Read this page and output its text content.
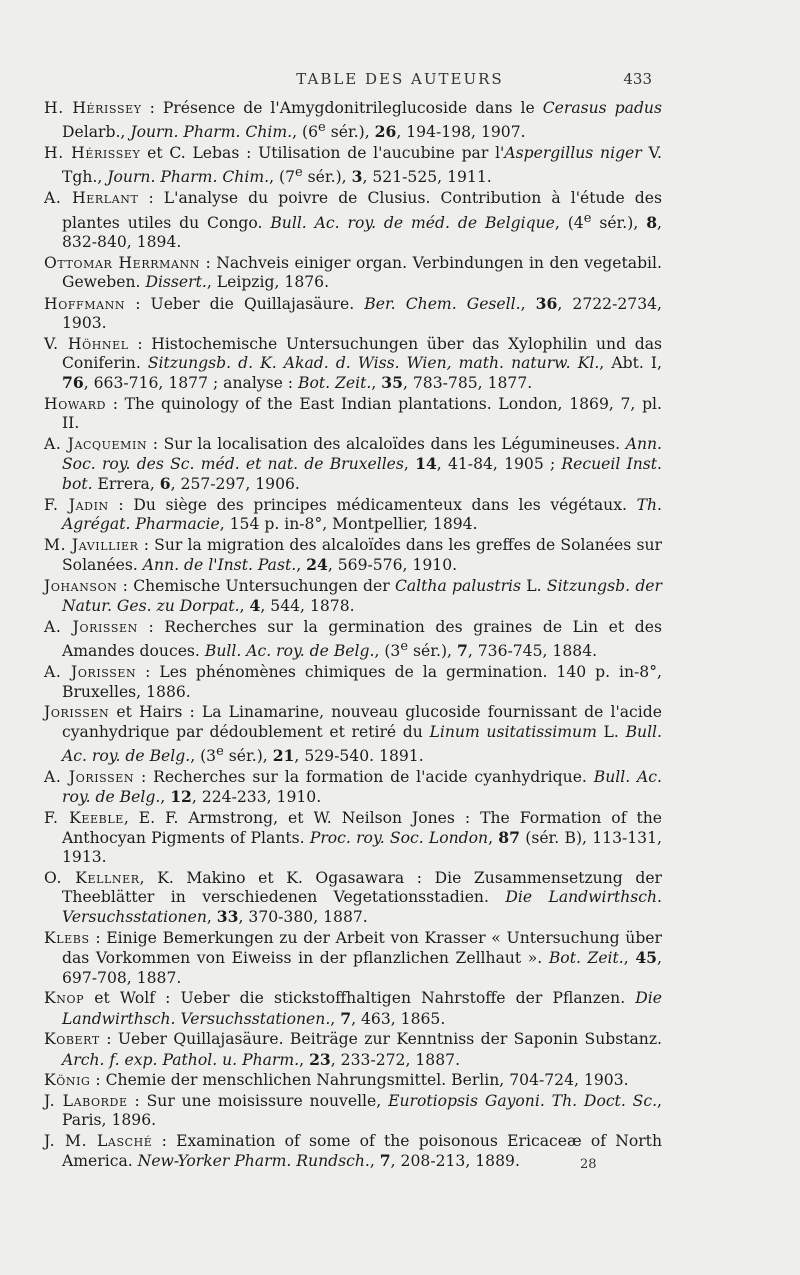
TABLE DES AUTEURS	433

H. Hérissey : Présence de l'Amygdonitrileglucoside dans le Cerasus padus Delarb., Journ. Pharm. Chim., (6e sér.), 26, 194-198, 1907.

H. Hérissey et C. Lebas : Utilisation de l'aucubine par l'Aspergillus niger V. Tgh., Journ. Pharm. Chim., (7e sér.), 3, 521-525, 1911.

A. Herlant : L'analyse du poivre de Clusius. Contribution à l'étude des plantes utiles du Congo. Bull. Ac. roy. de méd. de Belgique, (4e sér.), 8, 832-840, 1894.

Ottomar Herrmann : Nachveis einiger organ. Verbindungen in den vegetabil. Geweben. Dissert., Leipzig, 1876.

Hoffmann : Ueber die Quillajasäure. Ber. Chem. Gesell., 36, 2722-2734, 1903.

V. Höhnel : Histochemische Untersuchungen über das Xylophilin und das Coniferin. Sitzungsb. d. K. Akad. d. Wiss. Wien, math. naturw. Kl., Abt. I, 76, 663-716, 1877 ; analyse : Bot. Zeit., 35, 783-785, 1877.

Howard : The quinology of the East Indian plantations. London, 1869, 7, pl. II.

A. Jacquemin : Sur la localisation des alcaloïdes dans les Légumineuses. Ann. Soc. roy. des Sc. méd. et nat. de Bruxelles, 14, 41-84, 1905 ; Recueil Inst. bot. Errera, 6, 257-297, 1906.

F. Jadin : Du siège des principes médicamenteux dans les végétaux. Th. Agrégat. Pharmacie, 154 p. in-8°, Montpellier, 1894.

M. Javillier : Sur la migration des alcaloïdes dans les greffes de Solanées sur Solanées. Ann. de l'Inst. Past., 24, 569-576, 1910.

Johanson : Chemische Untersuchungen der Caltha palustris L. Sitzungsb. der Natur. Ges. zu Dorpat., 4, 544, 1878.

A. Jorissen : Recherches sur la germination des graines de Lin et des Amandes douces. Bull. Ac. roy. de Belg., (3e sér.), 7, 736-745, 1884.

A. Jorissen : Les phénomènes chimiques de la germination. 140 p. in-8°, Bruxelles, 1886.

Jorissen et Hairs : La Linamarine, nouveau glucoside fournissant de l'acide cyanhydrique par dédoublement et retiré du Linum usitatissimum L. Bull. Ac. roy. de Belg., (3e sér.), 21, 529-540. 1891.

A. Jorissen : Recherches sur la formation de l'acide cyanhydrique. Bull. Ac. roy. de Belg., 12, 224-233, 1910.

F. Keeble, E. F. Armstrong, et W. Neilson Jones : The Formation of the Anthocyan Pigments of Plants. Proc. roy. Soc. London, 87 (sér. B), 113-131, 1913.

O. Kellner, K. Makino et K. Ogasawara : Die Zusammensetzung der Theeblätter in verschiedenen Vegetationsstadien. Die Landwirthsch. Versuchsstationen, 33, 370-380, 1887.

Klebs : Einige Bemerkungen zu der Arbeit von Krasser « Untersuchung über das Vorkommen von Eiweiss in der pflanzlichen Zellhaut ». Bot. Zeit., 45, 697-708, 1887.

Knop et Wolf : Ueber die stickstoffhaltigen Nahrstoffe der Pflanzen. Die Landwirthsch. Versuchsstationen., 7, 463, 1865.

Kobert : Ueber Quillajasäure. Beiträge zur Kenntniss der Saponin Substanz. Arch. f. exp. Pathol. u. Pharm., 23, 233-272, 1887.

König : Chemie der menschlichen Nahrungsmittel. Berlin, 704-724, 1903.

J. Laborde : Sur une moisissure nouvelle, Eurotiopsis Gayoni. Th. Doct. Sc., Paris, 1896.

J. M. Lasché : Examination of some of the poisonous Ericaceæ of North America. New-Yorker Pharm. Rundsch., 7, 208-213, 1889.	28
